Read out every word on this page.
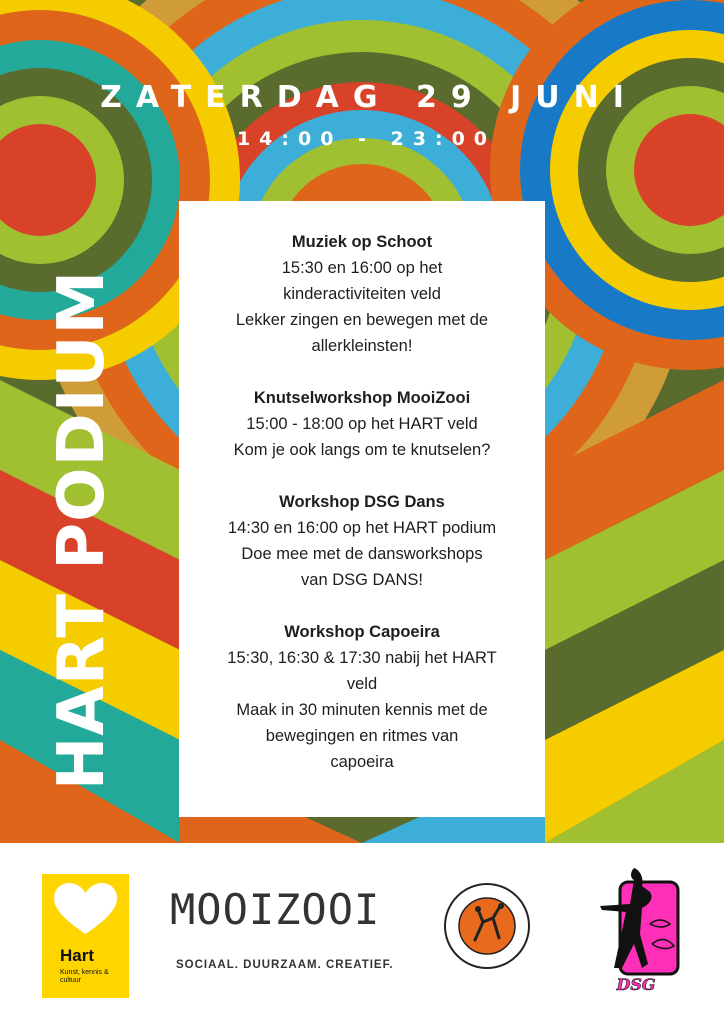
ZATERDAG 29 JUNI
14:00 - 23:00
HART PODIUM
Muziek op Schoot
15:30 en 16:00 op het
kinderactiviteiten veld
Lekker zingen en bewegen met de
allerkleinsten!
Knutselworkshop MooiZooi
15:00 - 18:00 op het HART veld
Kom je ook langs om te knutselen?
Workshop DSG Dans
14:30 en 16:00 op het HART podium
Doe mee met de dansworkshops
van DSG DANS!
Workshop Capoeira
15:30, 16:30 & 17:30 nabij het HART
veld
Maak in 30 minuten kennis met de
bewegingen en ritmes van
capoeira
Hart
Kunst, kennis & cultuur
MOOIZOOI
SOCIAAL. DUURZAAM. CREATIEF.
DSG
